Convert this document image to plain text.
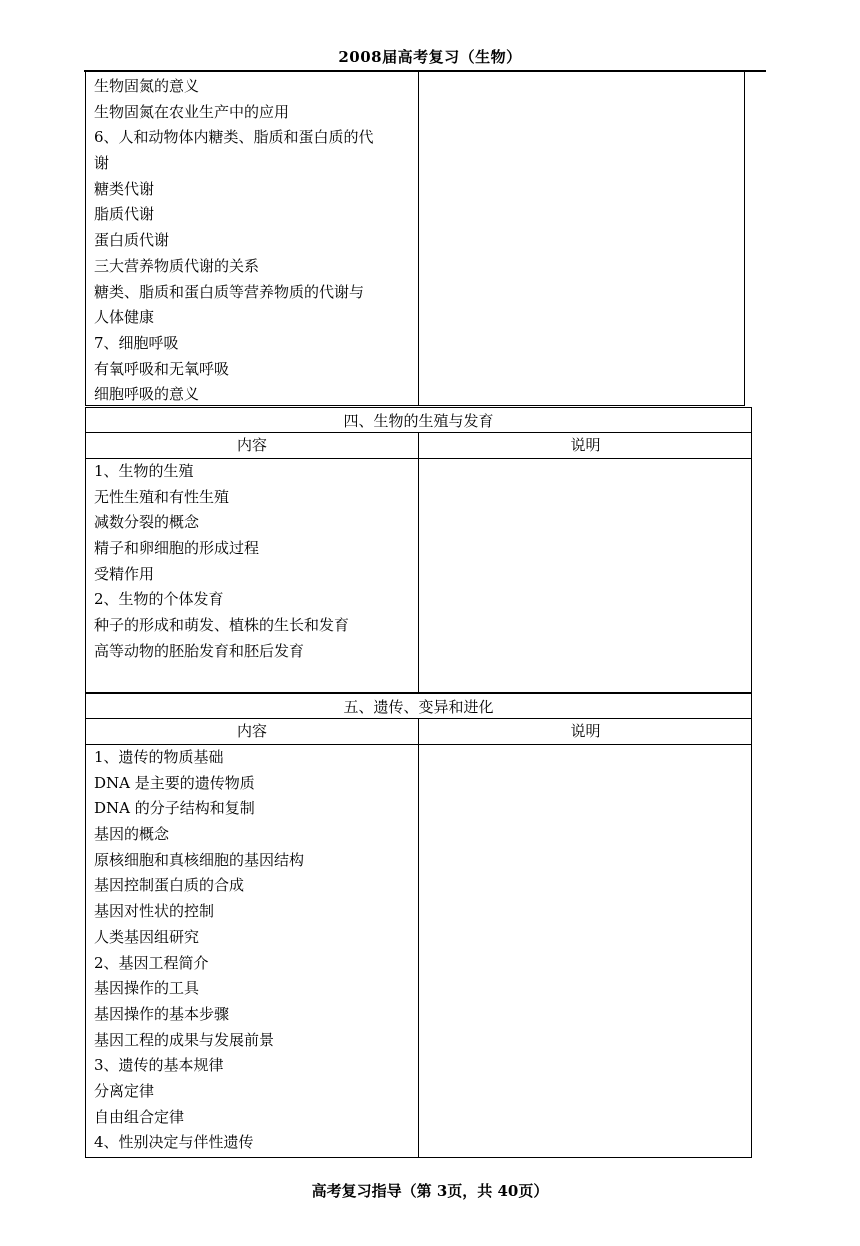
2008届高考复习（生物）
生物固氮的意义
生物固氮在农业生产中的应用
6、人和动物体内糖类、脂质和蛋白质的代
谢
糖类代谢
脂质代谢
蛋白质代谢
三大营养物质代谢的关系
糖类、脂质和蛋白质等营养物质的代谢与
人体健康
7、细胞呼吸
有氧呼吸和无氧呼吸
细胞呼吸的意义
四、生物的生殖与发育
内容	说明
1、生物的生殖
无性生殖和有性生殖
减数分裂的概念
精子和卵细胞的形成过程
受精作用
2、生物的个体发育
种子的形成和萌发、植株的生长和发育
高等动物的胚胎发育和胚后发育
五、遗传、变异和进化
内容	说明
1、遗传的物质基础
DNA 是主要的遗传物质
DNA 的分子结构和复制
基因的概念
原核细胞和真核细胞的基因结构
基因控制蛋白质的合成
基因对性状的控制
人类基因组研究
2、基因工程简介
基因操作的工具
基因操作的基本步骤
基因工程的成果与发展前景
3、遗传的基本规律
分离定律
自由组合定律
4、性别决定与伴性遗传
高考复习指导（第 3页，共 40页）
